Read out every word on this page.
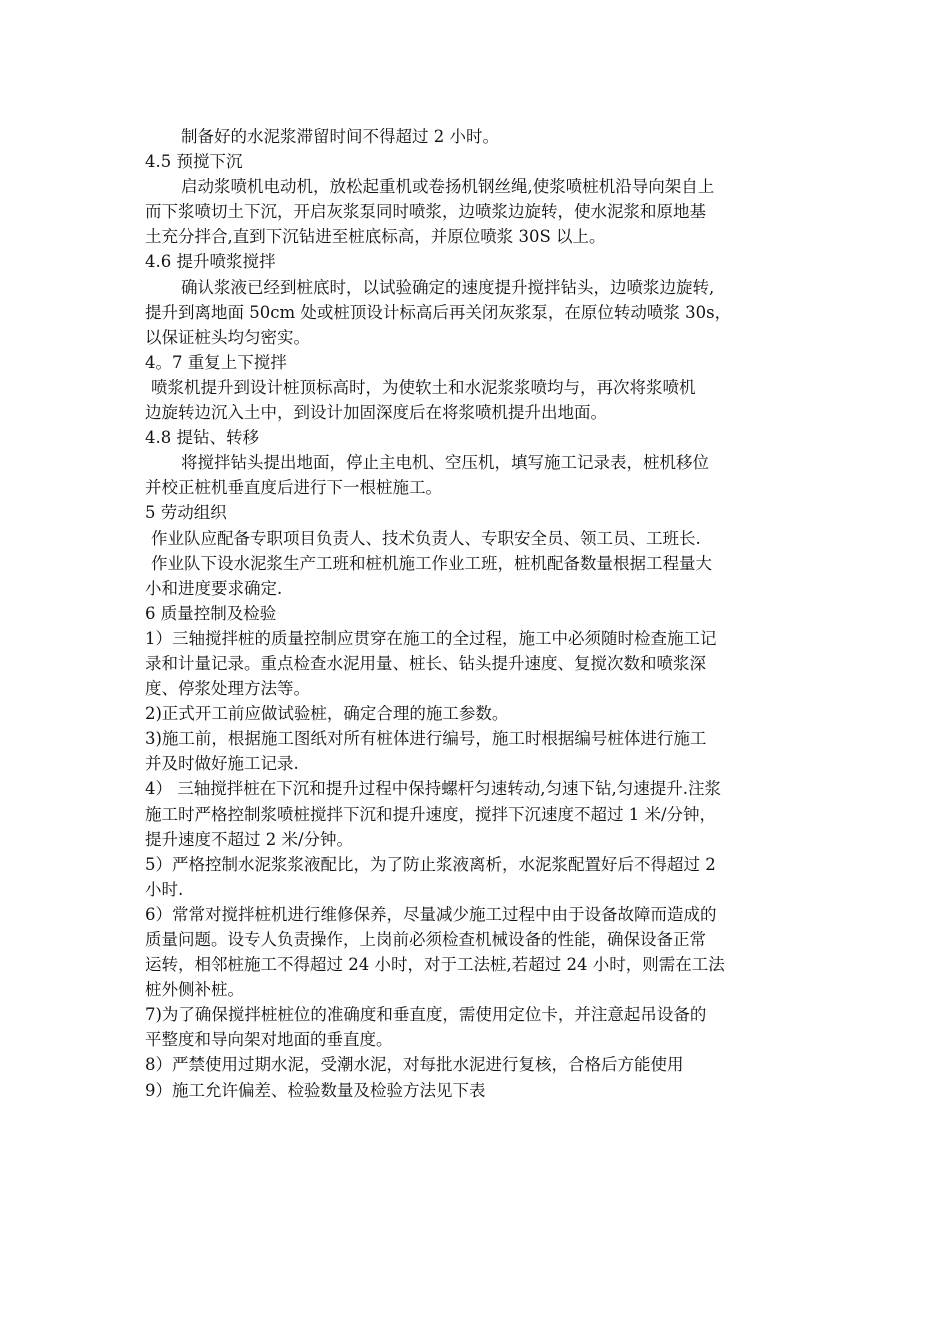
制备好的水泥浆滞留时间不得超过 2 小时。
4.5 预搅下沉
启动浆喷机电动机，放松起重机或卷扬机钢丝绳,使浆喷桩机沿导向架自上
而下浆喷切土下沉，开启灰浆泵同时喷浆，边喷浆边旋转，使水泥浆和原地基
土充分拌合,直到下沉钻进至桩底标高，并原位喷浆 30S 以上。
4.6 提升喷浆搅拌
确认浆液已经到桩底时，以试验确定的速度提升搅拌钻头，边喷浆边旋转,
提升到离地面 50cm 处或桩顶设计标高后再关闭灰浆泵，在原位转动喷浆 30s，
以保证桩头均匀密实。
4。7 重复上下搅拌
喷浆机提升到设计桩顶标高时，为使软土和水泥浆浆喷均与，再次将浆喷机
边旋转边沉入土中，到设计加固深度后在将浆喷机提升出地面。
4.8 提钻、转移
将搅拌钻头提出地面，停止主电机、空压机，填写施工记录表，桩机移位
并校正桩机垂直度后进行下一根桩施工。
5 劳动组织
作业队应配备专职项目负责人、技术负责人、专职安全员、领工员、工班长.
作业队下设水泥浆生产工班和桩机施工作业工班，桩机配备数量根据工程量大
小和进度要求确定.
6 质量控制及检验
1）三轴搅拌桩的质量控制应贯穿在施工的全过程，施工中必须随时检查施工记
录和计量记录。重点检查水泥用量、桩长、钻头提升速度、复搅次数和喷浆深
度、停浆处理方法等。
2)正式开工前应做试验桩，确定合理的施工参数。
3)施工前，根据施工图纸对所有桩体进行编号，施工时根据编号桩体进行施工
并及时做好施工记录.
4） 三轴搅拌桩在下沉和提升过程中保持螺杆匀速转动,匀速下钻,匀速提升.注浆
施工时严格控制浆喷桩搅拌下沉和提升速度，搅拌下沉速度不超过 1 米/分钟，
提升速度不超过 2 米/分钟。
5）严格控制水泥浆浆液配比，为了防止浆液离析，水泥浆配置好后不得超过 2
小时.
6）常常对搅拌桩机进行维修保养，尽量减少施工过程中由于设备故障而造成的
质量问题。设专人负责操作，上岗前必须检查机械设备的性能，确保设备正常
运转，相邻桩施工不得超过 24 小时，对于工法桩,若超过 24 小时，则需在工法
桩外侧补桩。
7)为了确保搅拌桩桩位的准确度和垂直度，需使用定位卡，并注意起吊设备的
平整度和导向架对地面的垂直度。
8）严禁使用过期水泥，受潮水泥，对每批水泥进行复核，合格后方能使用
9）施工允许偏差、检验数量及检验方法见下表
